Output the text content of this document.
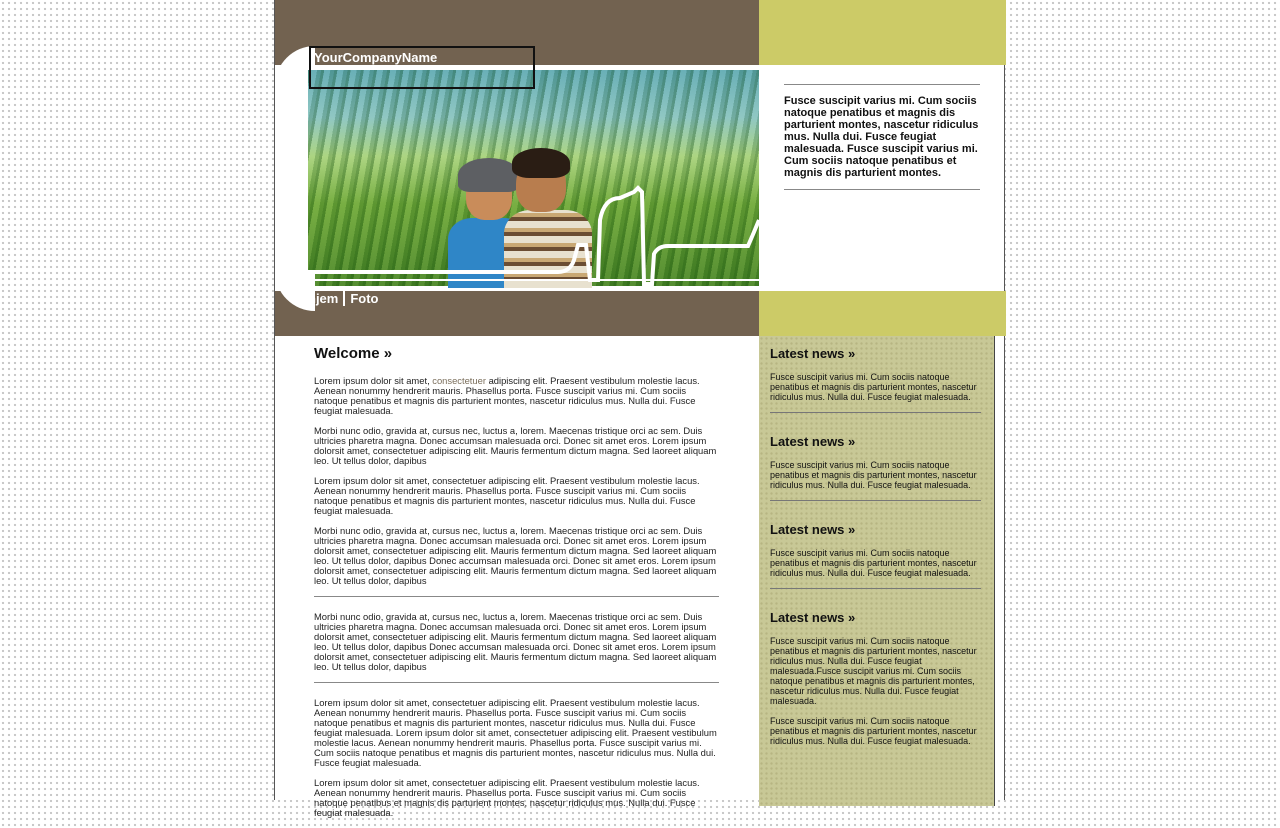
YourCompanyName

Fusce suscipit varius mi. Cum sociis natoque penatibus et magnis dis parturient montes, nascetur ridiculus mus. Nulla dui. Fusce feugiat malesuada. Fusce suscipit varius mi. Cum sociis natoque penatibus et magnis dis parturient montes.

hjem Foto
Welcome »

Lorem ipsum dolor sit amet, consectetuer adipiscing elit. Praesent vestibulum molestie lacus. Aenean nonummy hendrerit mauris. Phasellus porta. Fusce suscipit varius mi. Cum sociis natoque penatibus et magnis dis parturient montes, nascetur ridiculus mus. Nulla dui. Fusce feugiat malesuada.

Morbi nunc odio, gravida at, cursus nec, luctus a, lorem. Maecenas tristique orci ac sem. Duis ultricies pharetra magna. Donec accumsan malesuada orci. Donec sit amet eros. Lorem ipsum dolorsit amet, consectetuer adipiscing elit. Mauris fermentum dictum magna. Sed laoreet aliquam leo. Ut tellus dolor, dapibus

Lorem ipsum dolor sit amet, consectetuer adipiscing elit. Praesent vestibulum molestie lacus. Aenean nonummy hendrerit mauris. Phasellus porta. Fusce suscipit varius mi. Cum sociis natoque penatibus et magnis dis parturient montes, nascetur ridiculus mus. Nulla dui. Fusce feugiat malesuada.

Morbi nunc odio, gravida at, cursus nec, luctus a, lorem. Maecenas tristique orci ac sem. Duis ultricies pharetra magna. Donec accumsan malesuada orci. Donec sit amet eros. Lorem ipsum dolorsit amet, consectetuer adipiscing elit. Mauris fermentum dictum magna. Sed laoreet aliquam leo. Ut tellus dolor, dapibus Donec accumsan malesuada orci. Donec sit amet eros. Lorem ipsum dolorsit amet, consectetuer adipiscing elit. Mauris fermentum dictum magna. Sed laoreet aliquam leo. Ut tellus dolor, dapibus

Morbi nunc odio, gravida at, cursus nec, luctus a, lorem. Maecenas tristique orci ac sem. Duis ultricies pharetra magna. Donec accumsan malesuada orci. Donec sit amet eros. Lorem ipsum dolorsit amet, consectetuer adipiscing elit. Mauris fermentum dictum magna. Sed laoreet aliquam leo. Ut tellus dolor, dapibus Donec accumsan malesuada orci. Donec sit amet eros. Lorem ipsum dolorsit amet, consectetuer adipiscing elit. Mauris fermentum dictum magna. Sed laoreet aliquam leo. Ut tellus dolor, dapibus

Lorem ipsum dolor sit amet, consectetuer adipiscing elit. Praesent vestibulum molestie lacus. Aenean nonummy hendrerit mauris. Phasellus porta. Fusce suscipit varius mi. Cum sociis natoque penatibus et magnis dis parturient montes, nascetur ridiculus mus. Nulla dui. Fusce feugiat malesuada. Lorem ipsum dolor sit amet, consectetuer adipiscing elit. Praesent vestibulum molestie lacus. Aenean nonummy hendrerit mauris. Phasellus porta. Fusce suscipit varius mi. Cum sociis natoque penatibus et magnis dis parturient montes, nascetur ridiculus mus. Nulla dui. Fusce feugiat malesuada.

Lorem ipsum dolor sit amet, consectetuer adipiscing elit. Praesent vestibulum molestie lacus. Aenean nonummy hendrerit mauris. Phasellus porta. Fusce suscipit varius mi. Cum sociis natoque penatibus et magnis dis parturient montes, nascetur ridiculus mus. Nulla dui. Fusce feugiat malesuada.

Latest news »

Fusce suscipit varius mi. Cum sociis natoque penatibus et magnis dis parturient montes, nascetur ridiculus mus. Nulla dui. Fusce feugiat malesuada.

Latest news »

Fusce suscipit varius mi. Cum sociis natoque penatibus et magnis dis parturient montes, nascetur ridiculus mus. Nulla dui. Fusce feugiat malesuada.

Latest news »

Fusce suscipit varius mi. Cum sociis natoque penatibus et magnis dis parturient montes, nascetur ridiculus mus. Nulla dui. Fusce feugiat malesuada.

Latest news »

Fusce suscipit varius mi. Cum sociis natoque penatibus et magnis dis parturient montes, nascetur ridiculus mus. Nulla dui. Fusce feugiat malesuada.Fusce suscipit varius mi. Cum sociis natoque penatibus et magnis dis parturient montes, nascetur ridiculus mus. Nulla dui. Fusce feugiat malesuada.

Fusce suscipit varius mi. Cum sociis natoque penatibus et magnis dis parturient montes, nascetur ridiculus mus. Nulla dui. Fusce feugiat malesuada.
